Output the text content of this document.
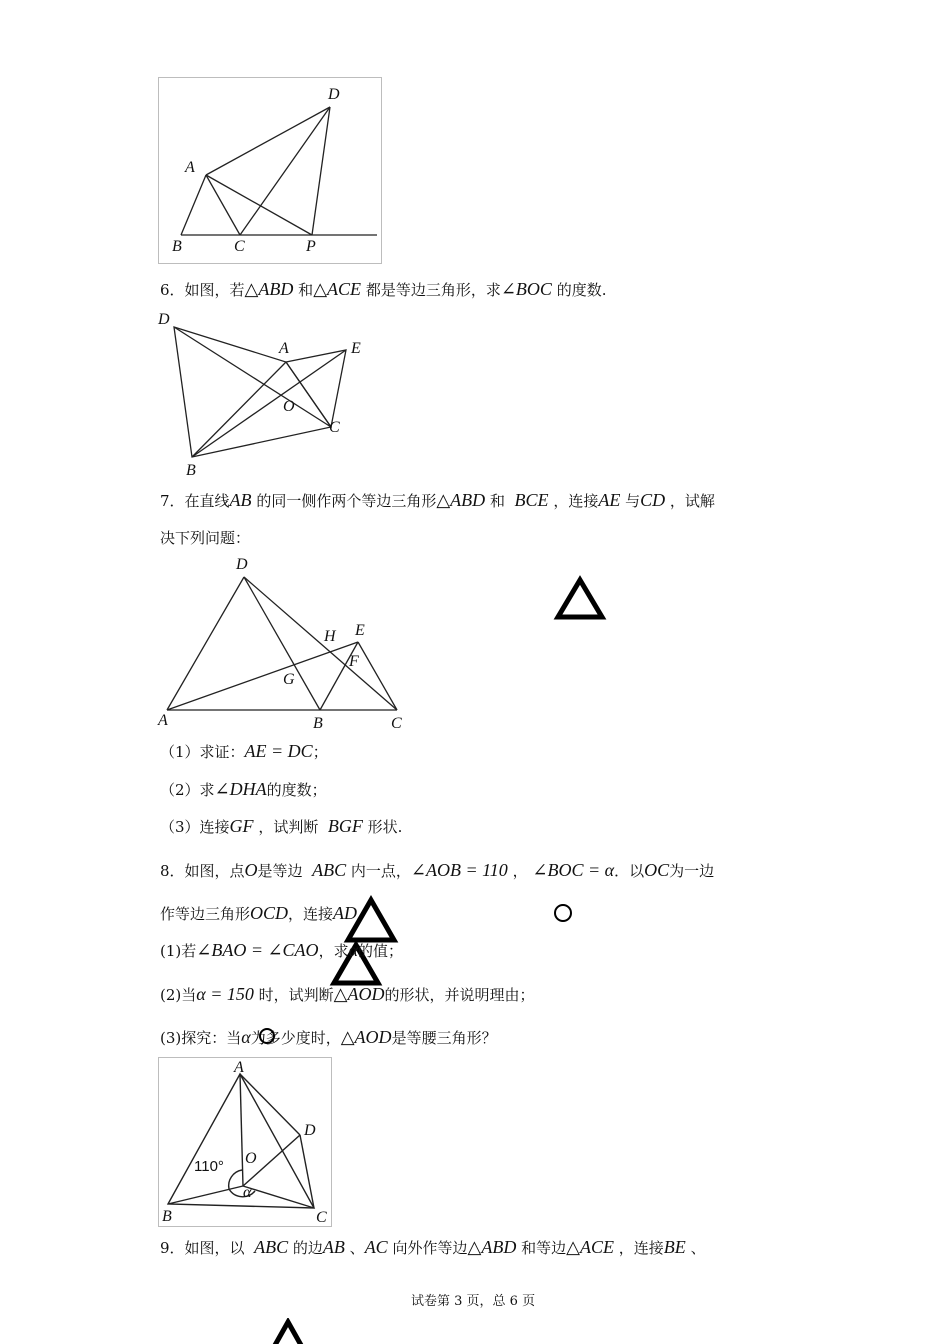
D
A
B	C	P
6．如图，若△ABD 和△ACE 都是等边三角形，求∠BOC 的度数.
D
A	E
O
C
B
7．在直线AB 的同一侧作两个等边三角形△ABD 和 BCE ，连接AE 与CD ，试解
决下列问题：
D
H E
F
G
A	B	C
（1）求证：AE = DC；
（2）求∠DHA的度数；
（3）连接GF ，试判断 BGF 形状.
8．如图，点O是等边 ABC 内一点，∠AOB = 110 ， ∠BOC = α．以OC为一边
作等边三角形OCD，连接AD.
(1)若∠BAO = ∠CAO，求α的值；
(2)当α = 150 时，试判断△AOD的形状，并说明理由；
(3)探究：当α为多少度时，△AOD是等腰三角形？
A
D
O
110°
α
B	C
9．如图，以 ABC 的边AB 、AC 向外作等边△ABD 和等边△ACE ，连接BE 、
试卷第 3 页，总 6 页
